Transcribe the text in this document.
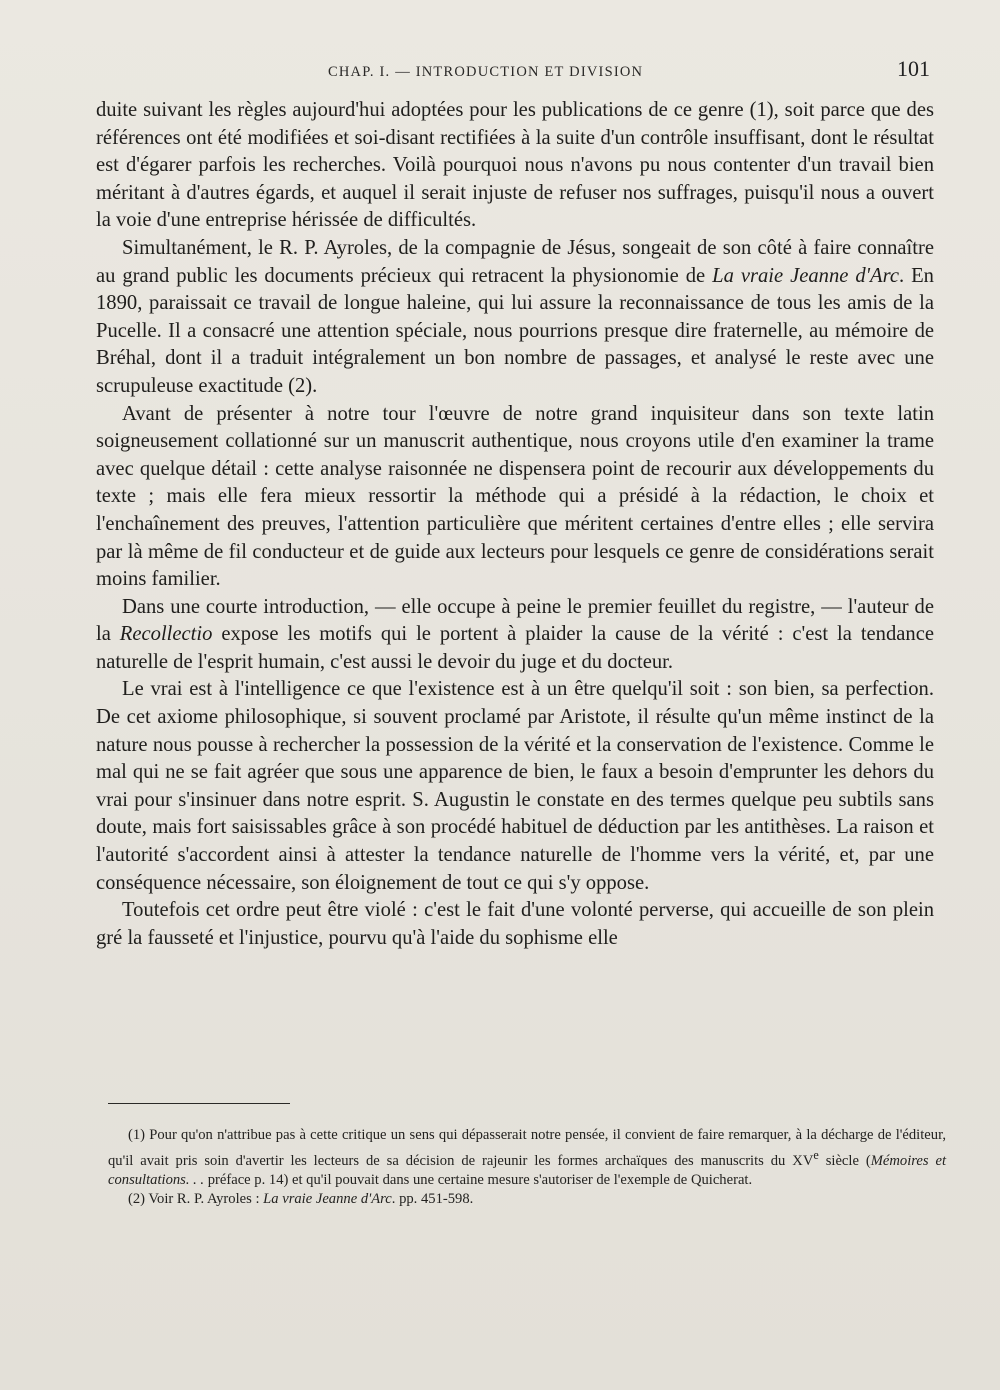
CHAP. I. — INTRODUCTION ET DIVISION	101

duite suivant les règles aujourd'hui adoptées pour les publications de ce genre (1), soit parce que des références ont été modifiées et soi-disant rectifiées à la suite d'un contrôle insuffisant, dont le résultat est d'égarer parfois les recherches. Voilà pourquoi nous n'avons pu nous contenter d'un travail bien méritant à d'autres égards, et auquel il serait injuste de refuser nos suffrages, puisqu'il nous a ouvert la voie d'une entreprise hérissée de difficultés.

Simultanément, le R. P. Ayroles, de la compagnie de Jésus, songeait de son côté à faire connaître au grand public les documents précieux qui retracent la physionomie de La vraie Jeanne d'Arc. En 1890, paraissait ce travail de longue haleine, qui lui assure la reconnaissance de tous les amis de la Pucelle. Il a consacré une attention spéciale, nous pourrions presque dire fraternelle, au mémoire de Bréhal, dont il a traduit intégralement un bon nombre de passages, et analysé le reste avec une scrupuleuse exactitude (2).

Avant de présenter à notre tour l'œuvre de notre grand inquisiteur dans son texte latin soigneusement collationné sur un manuscrit authentique, nous croyons utile d'en examiner la trame avec quelque détail : cette analyse raisonnée ne dispensera point de recourir aux développements du texte ; mais elle fera mieux ressortir la méthode qui a présidé à la rédaction, le choix et l'enchaînement des preuves, l'attention particulière que méritent certaines d'entre elles ; elle servira par là même de fil conducteur et de guide aux lecteurs pour lesquels ce genre de considérations serait moins familier.

Dans une courte introduction, — elle occupe à peine le premier feuillet du registre, — l'auteur de la Recollectio expose les motifs qui le portent à plaider la cause de la vérité : c'est la tendance naturelle de l'esprit humain, c'est aussi le devoir du juge et du docteur.

Le vrai est à l'intelligence ce que l'existence est à un être quelqu'il soit : son bien, sa perfection. De cet axiome philosophique, si souvent proclamé par Aristote, il résulte qu'un même instinct de la nature nous pousse à rechercher la possession de la vérité et la conservation de l'existence. Comme le mal qui ne se fait agréer que sous une apparence de bien, le faux a besoin d'emprunter les dehors du vrai pour s'insinuer dans notre esprit. S. Augustin le constate en des termes quelque peu subtils sans doute, mais fort saisissables grâce à son procédé habituel de déduction par les antithèses. La raison et l'autorité s'accordent ainsi à attester la tendance naturelle de l'homme vers la vérité, et, par une conséquence nécessaire, son éloignement de tout ce qui s'y oppose.

Toutefois cet ordre peut être violé : c'est le fait d'une volonté perverse, qui accueille de son plein gré la fausseté et l'injustice, pourvu qu'à l'aide du sophisme elle

(1) Pour qu'on n'attribue pas à cette critique un sens qui dépasserait notre pensée, il convient de faire remarquer, à la décharge de l'éditeur, qu'il avait pris soin d'avertir les lecteurs de sa décision de rajeunir les formes archaïques des manuscrits du XVe siècle (Mémoires et consultations. . . préface p. 14) et qu'il pouvait dans une certaine mesure s'autoriser de l'exemple de Quicherat.

(2) Voir R. P. Ayroles : La vraie Jeanne d'Arc. pp. 451-598.
